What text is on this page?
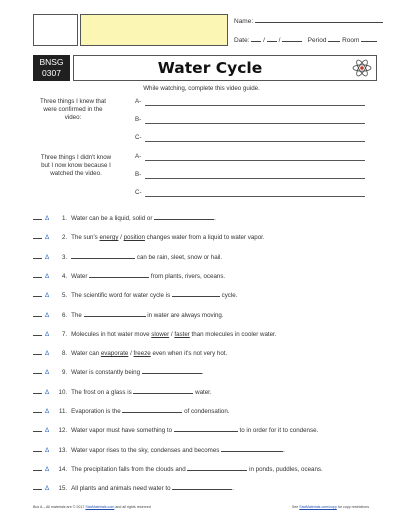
Name:
Date: / /	Period Room
BNSG
0307	Water Cycle
While watching, complete this video guide.
Three things I knew that were confirmed in the video:
Three things I didn't know but I now know because I watched the video.
A-
B-
C-
A-
B-
C-
Δ 1. Water can be a liquid, solid or	.
Δ 2. The sun's energy / position changes water from a liquid to water vapor.
Δ 3.	can be rain, sleet, snow or hail.
Δ 4. Water	from plants, rivers, oceans.
Δ 5. The scientific word for water cycle is	cycle.
Δ 6. The	in water are always moving.
Δ 7. Molecules in hot water move slower / faster than molecules in cooler water.
Δ 8. Water can evaporate / freeze even when it's not very hot.
Δ 9. Water is constantly being	.
Δ 10. The frost on a glass is	water.
Δ 11. Evaporation is the	of condensation.
Δ 12. Water vapor must have something to	to in order for it to condense.
Δ 13. Water vapor rises to the sky, condenses and becomes	.
Δ 14. The precipitation falls from the clouds and	in ponds, puddles, oceans.
Δ 15. All plants and animals need water to	.
Bus A – All materials are © 2017 StarMaterials.com and all rights reserved	See StarMaterials.com/copy for copy restrictions
